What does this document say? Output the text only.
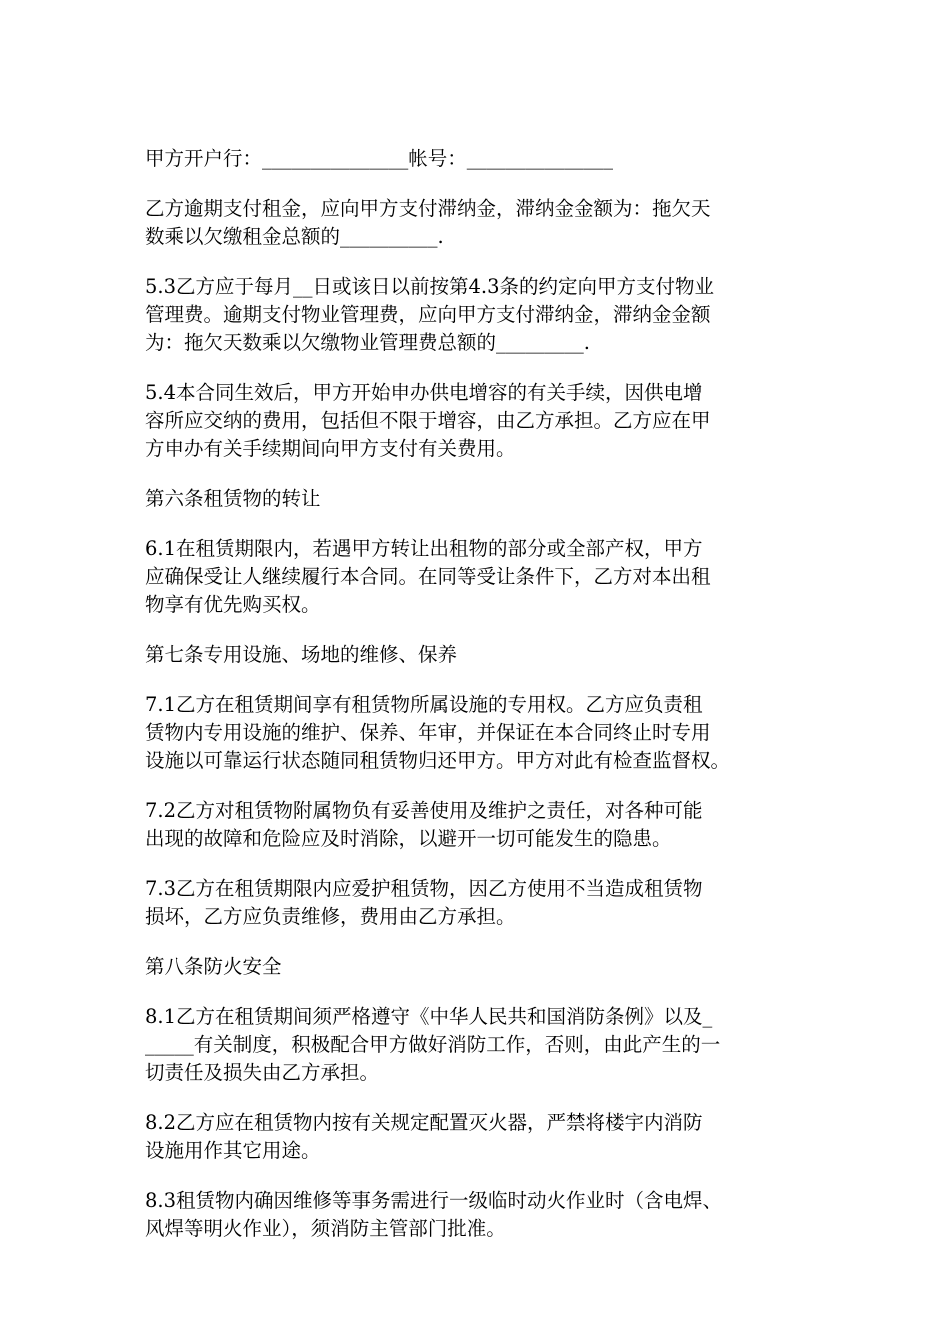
甲方开户行：_______________帐号：_______________
乙方逾期支付租金，应向甲方支付滞纳金，滞纳金金额为：拖欠天
数乘以欠缴租金总额的__________.
5.3乙方应于每月__日或该日以前按第4.3条的约定向甲方支付物业
管理费。逾期支付物业管理费，应向甲方支付滞纳金，滞纳金金额
为：拖欠天数乘以欠缴物业管理费总额的_________.
5.4本合同生效后，甲方开始申办供电增容的有关手续，因供电增
容所应交纳的费用，包括但不限于增容，由乙方承担。乙方应在甲
方申办有关手续期间向甲方支付有关费用。
第六条租赁物的转让
6.1在租赁期限内，若遇甲方转让出租物的部分或全部产权，甲方
应确保受让人继续履行本合同。在同等受让条件下，乙方对本出租
物享有优先购买权。
第七条专用设施、场地的维修、保养
7.1乙方在租赁期间享有租赁物所属设施的专用权。乙方应负责租
赁物内专用设施的维护、保养、年审，并保证在本合同终止时专用
设施以可靠运行状态随同租赁物归还甲方。甲方对此有检查监督权。
7.2乙方对租赁物附属物负有妥善使用及维护之责任，对各种可能
出现的故障和危险应及时消除，以避开一切可能发生的隐患。
7.3乙方在租赁期限内应爱护租赁物，因乙方使用不当造成租赁物
损坏，乙方应负责维修，费用由乙方承担。
第八条防火安全
8.1乙方在租赁期间须严格遵守《中华人民共和国消防条例》以及_
_____有关制度，积极配合甲方做好消防工作，否则，由此产生的一
切责任及损失由乙方承担。
8.2乙方应在租赁物内按有关规定配置灭火器，严禁将楼宇内消防
设施用作其它用途。
8.3租赁物内确因维修等事务需进行一级临时动火作业时（含电焊、
风焊等明火作业），须消防主管部门批准。
